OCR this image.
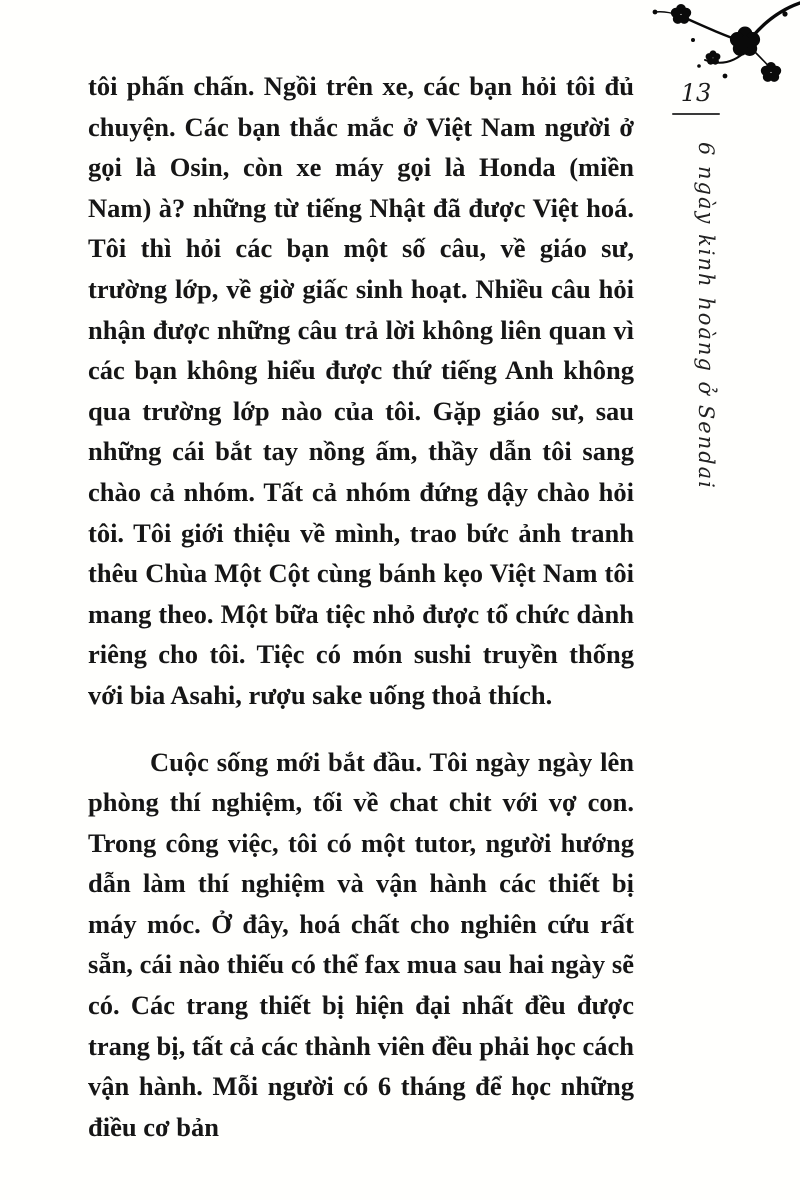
13
6 ngày kinh hoàng ở Sendai

tôi phấn chấn. Ngồi trên xe, các bạn hỏi tôi đủ chuyện. Các bạn thắc mắc ở Việt Nam người ở gọi là Osin, còn xe máy gọi là Honda (miền Nam) à? những từ tiếng Nhật đã được Việt hoá. Tôi thì hỏi các bạn một số câu, về giáo sư, trường lớp, về giờ giấc sinh hoạt. Nhiều câu hỏi nhận được những câu trả lời không liên quan vì các bạn không hiểu được thứ tiếng Anh không qua trường lớp nào của tôi. Gặp giáo sư, sau những cái bắt tay nồng ấm, thầy dẫn tôi sang chào cả nhóm. Tất cả nhóm đứng dậy chào hỏi tôi. Tôi giới thiệu về mình, trao bức ảnh tranh thêu Chùa Một Cột cùng bánh kẹo Việt Nam tôi mang theo. Một bữa tiệc nhỏ được tổ chức dành riêng cho tôi. Tiệc có món sushi truyền thống với bia Asahi, rượu sake uống thoả thích.

Cuộc sống mới bắt đầu. Tôi ngày ngày lên phòng thí nghiệm, tối về chat chit với vợ con. Trong công việc, tôi có một tutor, người hướng dẫn làm thí nghiệm và vận hành các thiết bị máy móc. Ở đây, hoá chất cho nghiên cứu rất sẵn, cái nào thiếu có thể fax mua sau hai ngày sẽ có. Các trang thiết bị hiện đại nhất đều được trang bị, tất cả các thành viên đều phải học cách vận hành. Mỗi người có 6 tháng để học những điều cơ bản
